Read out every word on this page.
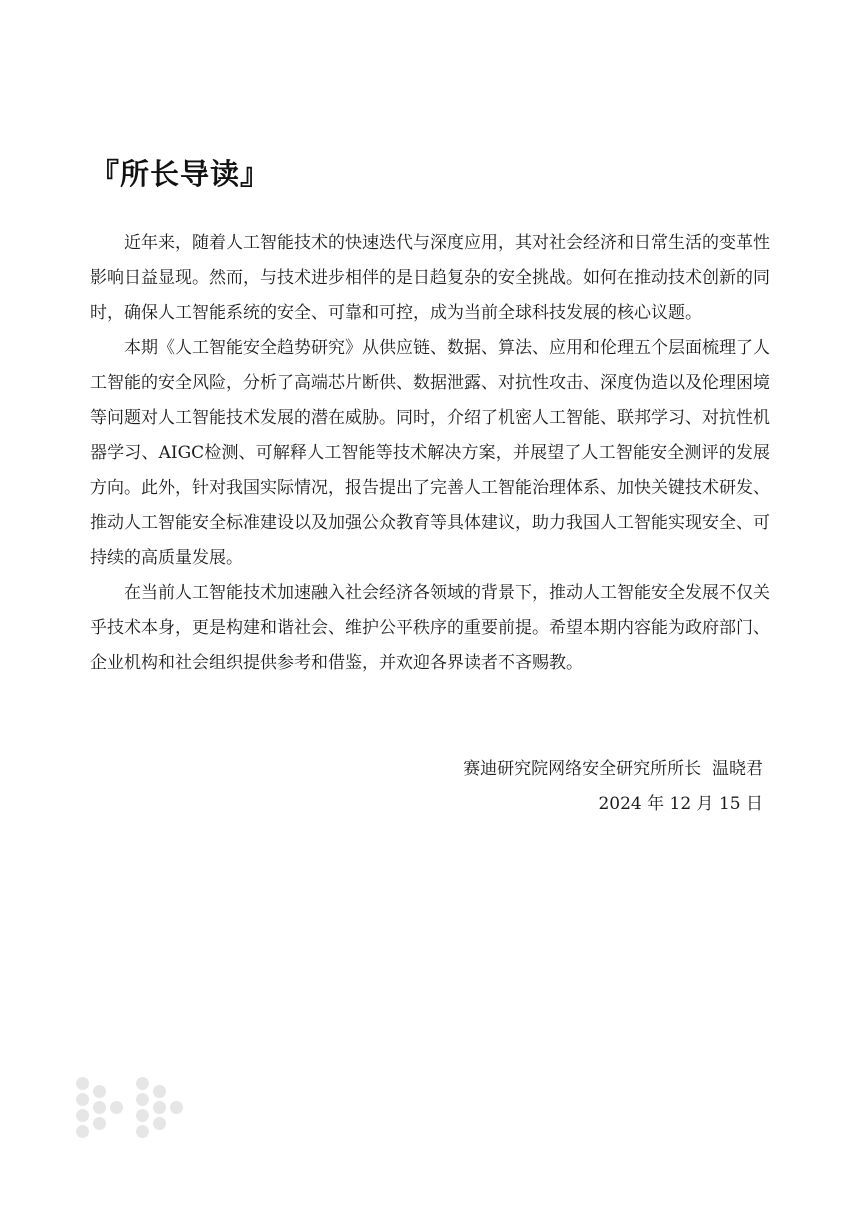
『所长导读』

近年来，随着人工智能技术的快速迭代与深度应用，其对社会经济和日常生活的变革性影响日益显现。然而，与技术进步相伴的是日趋复杂的安全挑战。如何在推动技术创新的同时，确保人工智能系统的安全、可靠和可控，成为当前全球科技发展的核心议题。

本期《人工智能安全趋势研究》从供应链、数据、算法、应用和伦理五个层面梳理了人工智能的安全风险，分析了高端芯片断供、数据泄露、对抗性攻击、深度伪造以及伦理困境等问题对人工智能技术发展的潜在威胁。同时，介绍了机密人工智能、联邦学习、对抗性机器学习、AIGC检测、可解释人工智能等技术解决方案，并展望了人工智能安全测评的发展方向。此外，针对我国实际情况，报告提出了完善人工智能治理体系、加快关键技术研发、推动人工智能安全标准建设以及加强公众教育等具体建议，助力我国人工智能实现安全、可持续的高质量发展。

在当前人工智能技术加速融入社会经济各领域的背景下，推动人工智能安全发展不仅关乎技术本身，更是构建和谐社会、维护公平秩序的重要前提。希望本期内容能为政府部门、企业机构和社会组织提供参考和借鉴，并欢迎各界读者不吝赐教。

赛迪研究院网络安全研究所所长  温晓君
2024 年 12 月 15 日
